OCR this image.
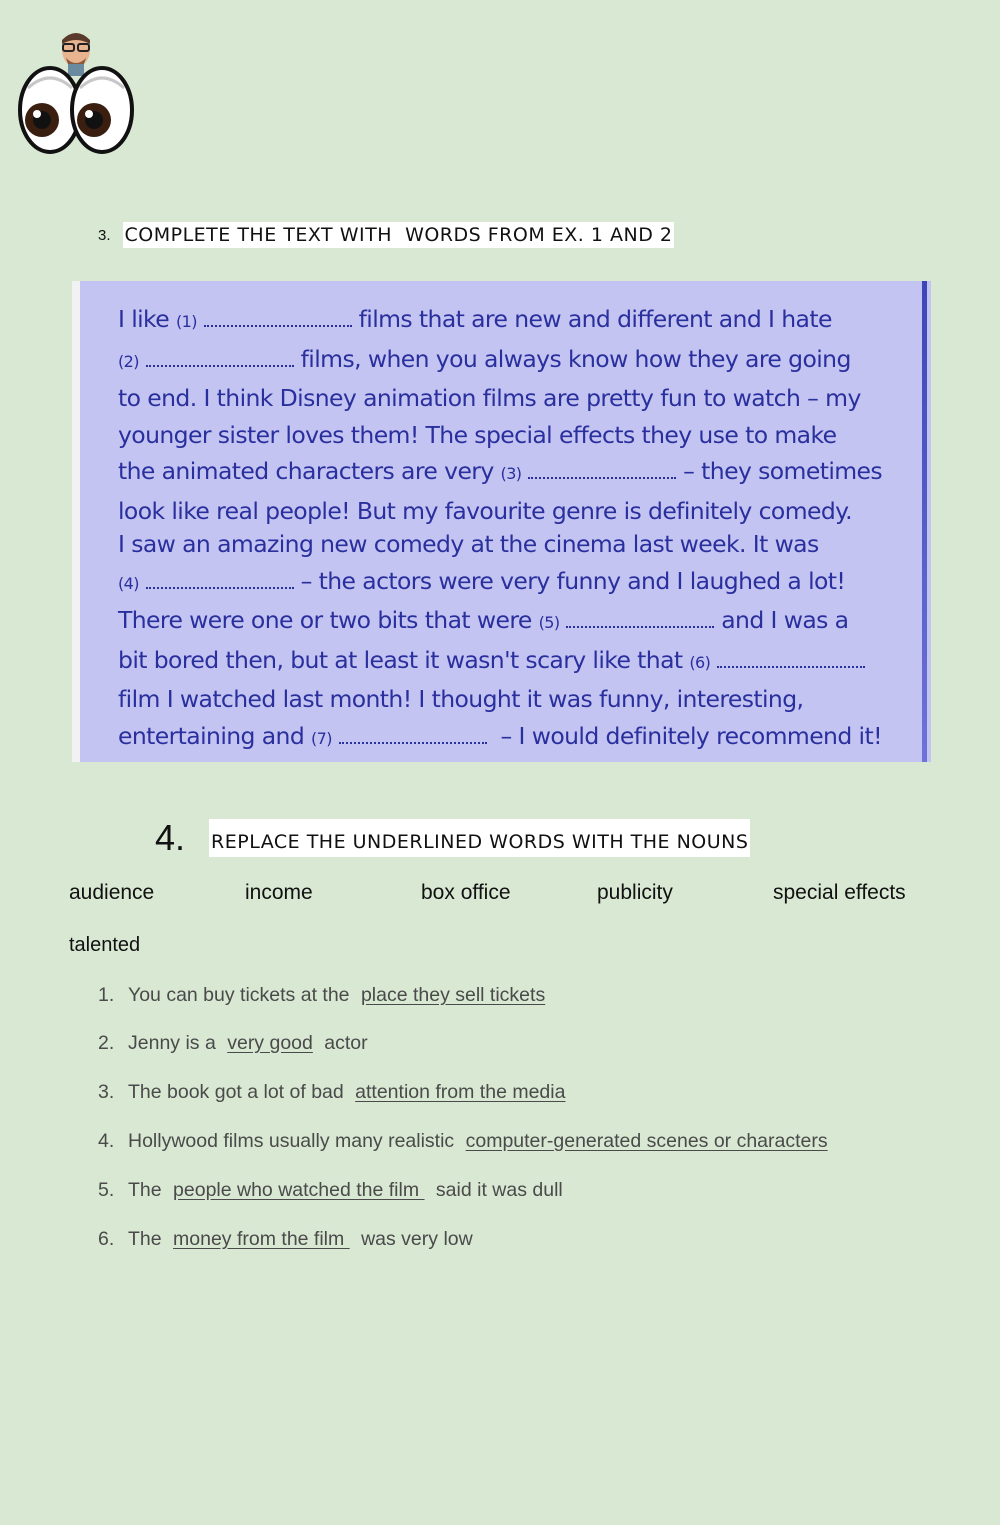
3. COMPLETE THE TEXT WITH  WORDS FROM EX. 1 AND 2

I like (1)	films that are new and different and I hate

(2)	films, when you always know how they are going

to end. I think Disney animation films are pretty fun to watch – my

younger sister loves them! The special effects they use to make

the animated characters are very (3)	– they sometimes

look like real people! But my favourite genre is definitely comedy.

I saw an amazing new comedy at the cinema last week. It was

(4)	– the actors were very funny and I laughed a lot!

There were one or two bits that were (5)	and I was a

bit bored then, but at least it wasn't scary like that (6)

film I watched last month! I thought it was funny, interesting,

entertaining and (7)	– I would definitely recommend it!

4. REPLACE THE UNDERLINED WORDS WITH THE NOUNS
audience	income	box office	publicity	special effects
talented
1. You can buy tickets at the place they sell tickets
2. Jenny is a very good actor
3. The book got a lot of bad attention from the media
4. Hollywood films usually many realistic computer-generated scenes or characters
5. The people who watched the film  said it was dull
6. The money from the film  was very low
